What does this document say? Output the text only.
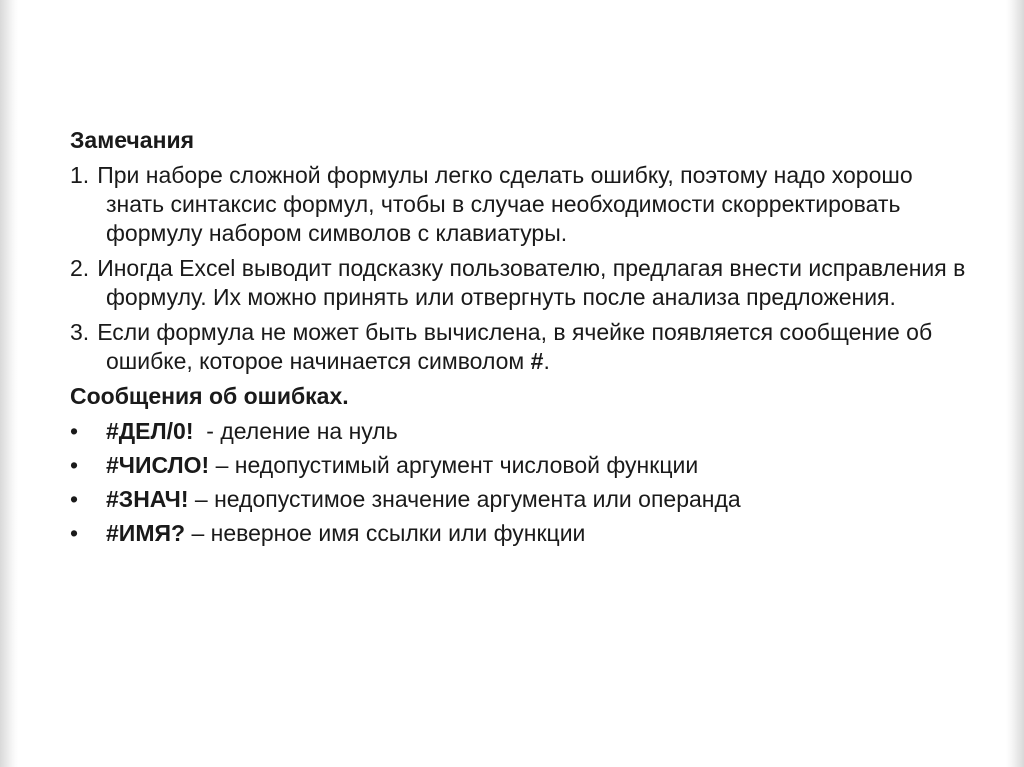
Замечания
1. При наборе сложной формулы легко сделать ошибку, поэтому надо хорошо знать синтаксис формул, чтобы в случае необходимости скорректировать формулу набором символов с клавиатуры.
2. Иногда Excel выводит подсказку пользователю, предлагая внести исправления в формулу. Их можно принять или отвергнуть после анализа предложения.
3. Если формула не может быть вычислена, в ячейке появляется сообщение об ошибке, которое начинается символом #.
Сообщения об ошибках.
• #ДЕЛ/0!  - деление на нуль
• #ЧИСЛО! – недопустимый аргумент числовой функции
• #ЗНАЧ! – недопустимое значение аргумента или операнда
• #ИМЯ? – неверное имя ссылки или функции
